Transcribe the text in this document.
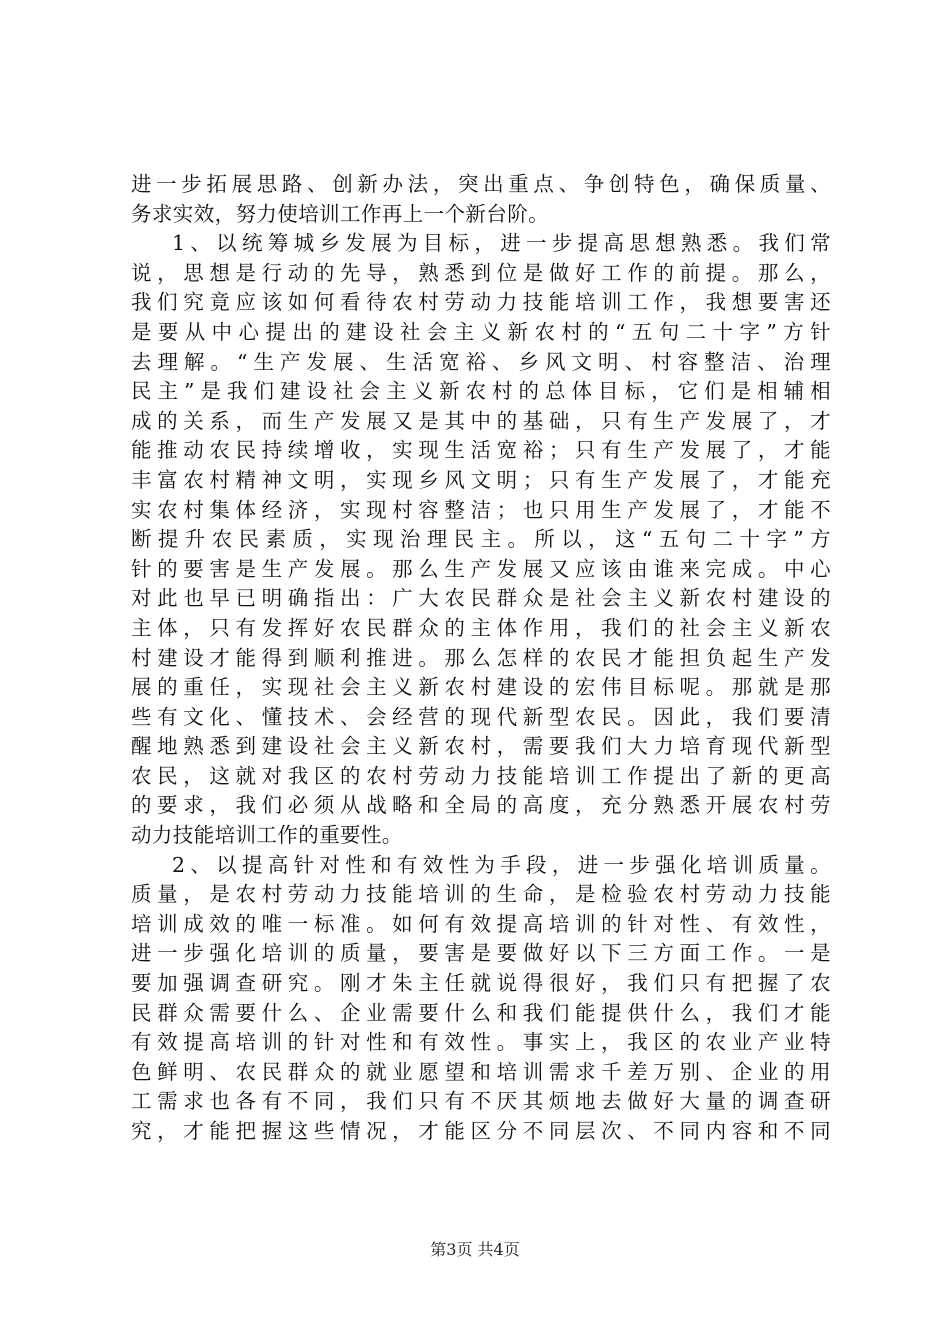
进一步拓展思路、创新办法，突出重点、争创特色，确保质量、
务求实效，努力使培训工作再上一个新台阶。
1、以统筹城乡发展为目标，进一步提高思想熟悉。我们常
说，思想是行动的先导，熟悉到位是做好工作的前提。那么，
我们究竟应该如何看待农村劳动力技能培训工作，我想要害还
是要从中心提出的建设社会主义新农村的“五句二十字”方针
去理解。“生产发展、生活宽裕、乡风文明、村容整洁、治理
民主”是我们建设社会主义新农村的总体目标，它们是相辅相
成的关系，而生产发展又是其中的基础，只有生产发展了，才
能推动农民持续增收，实现生活宽裕；只有生产发展了，才能
丰富农村精神文明，实现乡风文明；只有生产发展了，才能充
实农村集体经济，实现村容整洁；也只用生产发展了，才能不
断提升农民素质，实现治理民主。所以，这“五句二十字”方
针的要害是生产发展。那么生产发展又应该由谁来完成。中心
对此也早已明确指出：广大农民群众是社会主义新农村建设的
主体，只有发挥好农民群众的主体作用，我们的社会主义新农
村建设才能得到顺利推进。那么怎样的农民才能担负起生产发
展的重任，实现社会主义新农村建设的宏伟目标呢。那就是那
些有文化、懂技术、会经营的现代新型农民。因此，我们要清
醒地熟悉到建设社会主义新农村，需要我们大力培育现代新型
农民，这就对我区的农村劳动力技能培训工作提出了新的更高
的要求，我们必须从战略和全局的高度，充分熟悉开展农村劳
动力技能培训工作的重要性。
2、以提高针对性和有效性为手段，进一步强化培训质量。
质量，是农村劳动力技能培训的生命，是检验农村劳动力技能
培训成效的唯一标准。如何有效提高培训的针对性、有效性，
进一步强化培训的质量，要害是要做好以下三方面工作。一是
要加强调查研究。刚才朱主任就说得很好，我们只有把握了农
民群众需要什么、企业需要什么和我们能提供什么，我们才能
有效提高培训的针对性和有效性。事实上，我区的农业产业特
色鲜明、农民群众的就业愿望和培训需求千差万别、企业的用
工需求也各有不同，我们只有不厌其烦地去做好大量的调查研
究，才能把握这些情况，才能区分不同层次、不同内容和不同
第3页 共4页
